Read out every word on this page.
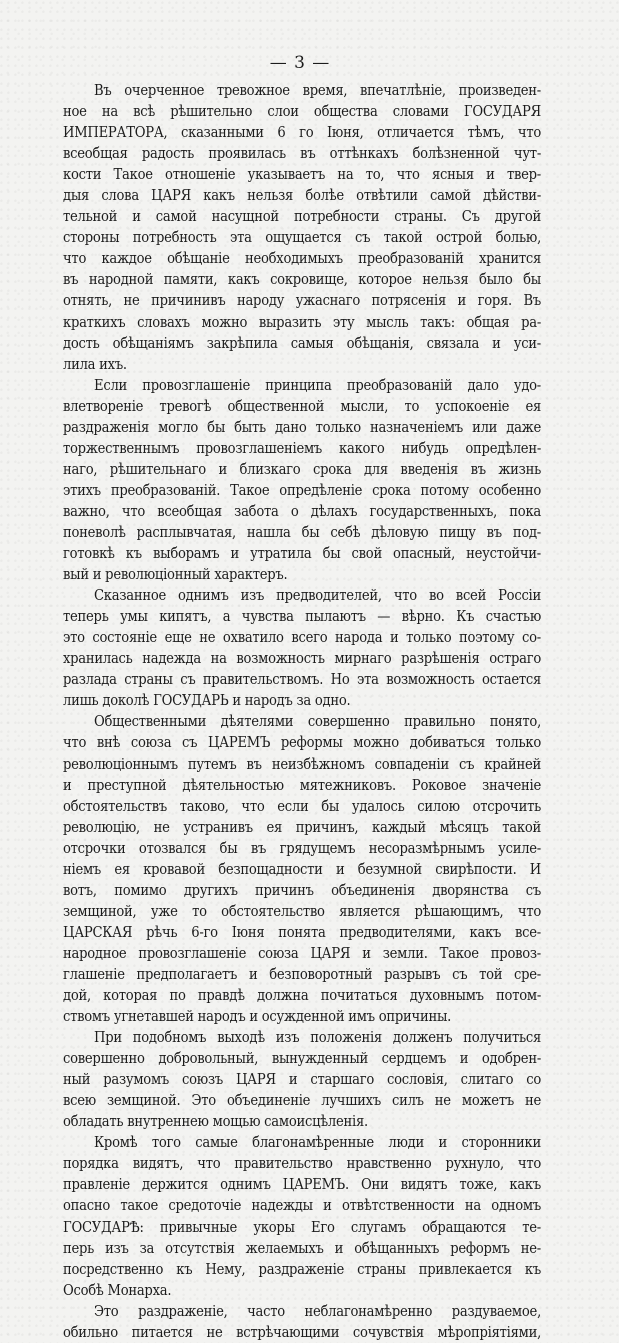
— 3 —
Въ очерченное тревожное время, впечатлѣніе, произведен-
ное на всѣ рѣшительно слои общества словами ГОСУДАРЯ
ИМПЕРАТОРА, сказанными 6 го Іюня, отличается тѣмъ, что
всеобщая радость проявилась въ оттѣнкахъ болѣзненной чут-
кости Такое отношеніе указываетъ на то, что ясныя и твер-
дыя слова ЦАРЯ какъ нельзя болѣе отвѣтили самой дѣйстви-
тельной и самой насущной потребности страны. Съ другой
стороны потребность эта ощущается съ такой острой болью,
что каждое обѣщаніе необходимыхъ преобразованій хранится
въ народной памяти, какъ сокровище, которое нельзя было бы
отнять, не причинивъ народу ужаснаго потрясенія и горя. Въ
краткихъ словахъ можно выразить эту мысль такъ: общая ра-
дость обѣщаніямъ закрѣпила самыя обѣщанія, связала и уси-
лила ихъ.
Если провозглашеніе принципа преобразованій дало удо-
влетвореніе тревогѣ общественной мысли, то успокоеніе ея
раздраженія могло бы быть дано только назначеніемъ или даже
торжественнымъ провозглашеніемъ какого нибудь опредѣлен-
наго, рѣшительнаго и близкаго срока для введенія въ жизнь
этихъ преобразованій. Такое опредѣленіе срока потому особенно
важно, что всеобщая забота о дѣлахъ государственныхъ, пока
поневолѣ расплывчатая, нашла бы себѣ дѣловую пищу въ под-
готовкѣ къ выборамъ и утратила бы свой опасный, неустойчи-
вый и революціонный характеръ.
Сказанное однимъ изъ предводителей, что во всей Россіи
теперь умы кипятъ, а чувства пылаютъ — вѣрно. Къ счастью
это состояніе еще не охватило всего народа и только поэтому со-
хранилась надежда на возможность мирнаго разрѣшенія остраго
разлада страны съ правительствомъ. Но эта возможность остается
лишь доколѣ ГОСУДАРЬ и народъ за одно.
Общественными дѣятелями совершенно правильно понято,
что внѣ союза съ ЦАРЕМЪ реформы можно добиваться только
революціоннымъ путемъ въ неизбѣжномъ совпаденіи съ крайней
и преступной дѣятельностью мятежниковъ. Роковое значеніе
обстоятельствъ таково, что если бы удалось силою отсрочить
революцію, не устранивъ ея причинъ, каждый мѣсяцъ такой
отсрочки отозвался бы въ грядущемъ несоразмѣрнымъ усиле-
ніемъ ея кровавой безпощадности и безумной свирѣпости. И
вотъ, помимо другихъ причинъ объединенія дворянства съ
земщиной, уже то обстоятельство является рѣшающимъ, что
ЦАРСКАЯ рѣчь 6-го Іюня понята предводителями, какъ все-
народное провозглашеніе союза ЦАРЯ и земли. Такое провоз-
глашеніе предполагаетъ и безповоротный разрывъ съ той сре-
дой, которая по правдѣ должна почитаться духовнымъ потом-
ствомъ угнетавшей народъ и осужденной имъ опричины.
При подобномъ выходѣ изъ положенія долженъ получиться
совершенно добровольный, вынужденный сердцемъ и одобрен-
ный разумомъ союзъ ЦАРЯ и старшаго сословія, слитаго со
всею земщиной. Это объединеніе лучшихъ силъ не можетъ не
обладать внутреннею мощью самоисцѣленія.
Кромѣ того самые благонамѣренные люди и сторонники
порядка видятъ, что правительство нравственно рухнуло, что
правленіе держится однимъ ЦАРЕМЪ. Они видятъ тоже, какъ
опасно такое средоточіе надежды и отвѣтственности на одномъ
ГОСУДАРѢ: привычные укоры Его слугамъ обращаются те-
перь изъ за отсутствія желаемыхъ и обѣщанныхъ реформъ не-
посредственно къ Нему, раздраженіе страны привлекается къ
Особѣ Монарха.
Это раздраженіе, часто неблагонамѣренно раздуваемое,
обильно питается не встрѣчающими сочувствія мѣропріятіями,
